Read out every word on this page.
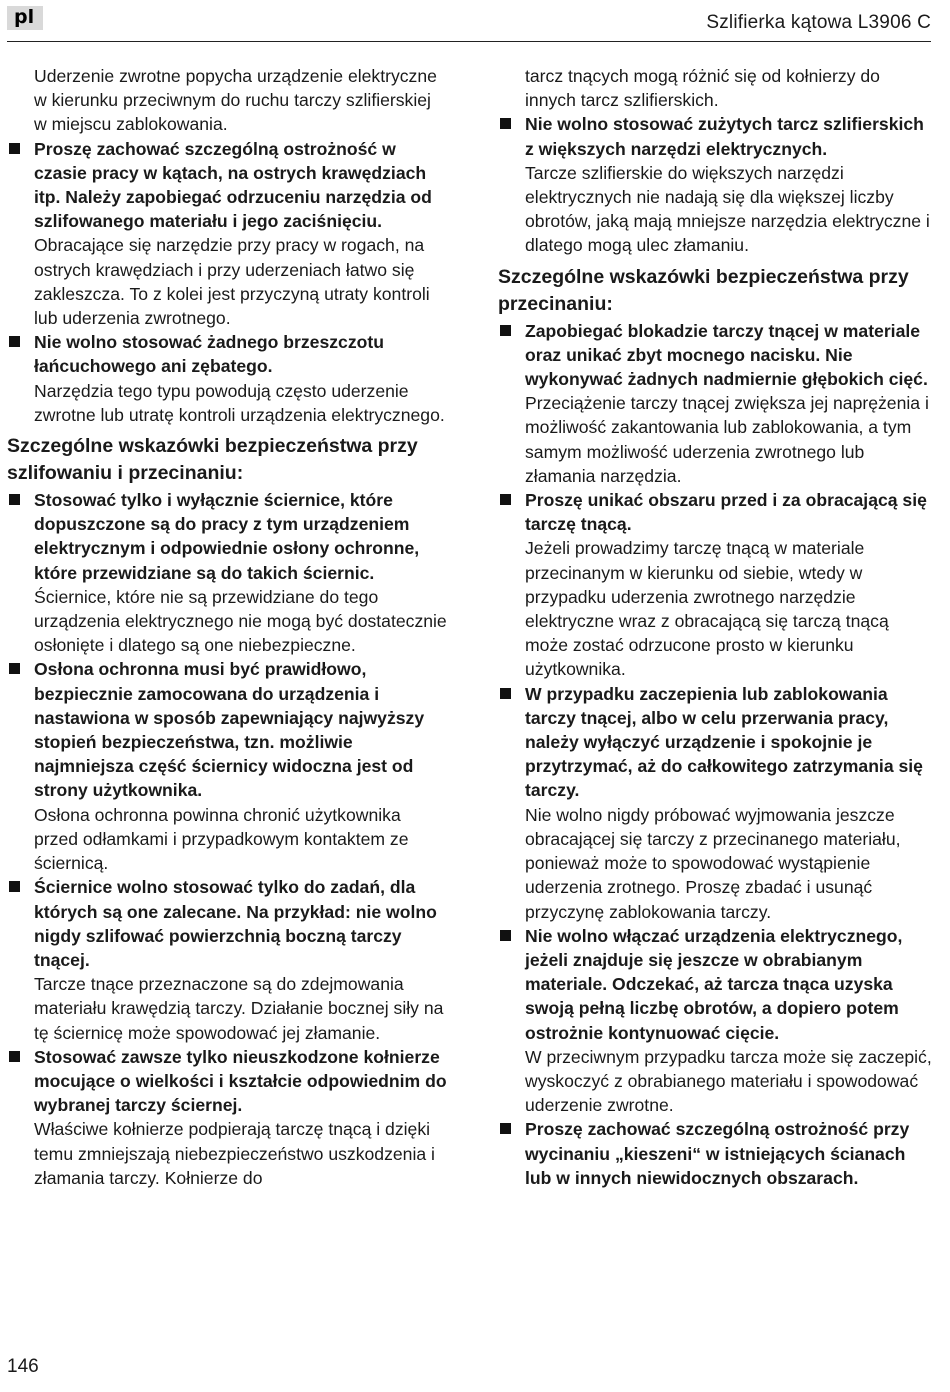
pl	Szlifierka kątowa L3906 C

Uderzenie zwrotne popycha urządzenie elektryczne w kierunku przeciwnym do ruchu tarczy szlifierskiej w miejscu zablokowania.

Proszę zachować szczególną ostrożność w czasie pracy w kątach, na ostrych krawędziach itp. Należy zapobiegać odrzuceniu narzędzia od szlifowanego materiału i jego zaciśnięciu.

Obracające się narzędzie przy pracy w rogach, na ostrych krawędziach i przy uderzeniach łatwo się zakleszcza. To z kolei jest przyczyną utraty kontroli lub uderzenia zwrotnego.

Nie wolno stosować żadnego brzeszczotu łańcuchowego ani zębatego.

Narzędzia tego typu powodują często uderzenie zwrotne lub utratę kontroli urządzenia elektrycznego.

Szczególne wskazówki bezpieczeństwa przy szlifowaniu i przecinaniu:

Stosować tylko i wyłącznie ściernice, które dopuszczone są do pracy z tym urządzeniem elektrycznym i odpowiednie osłony ochronne, które przewidziane są do takich ściernic.

Ściernice, które nie są przewidziane do tego urządzenia elektrycznego nie mogą być dostatecznie osłonięte i dlatego są one niebezpieczne.

Osłona ochronna musi być prawidłowo, bezpiecznie zamocowana do urządzenia i nastawiona w sposób zapewniający najwyższy stopień bezpieczeństwa, tzn. możliwie najmniejsza część ściernicy widoczna jest od strony użytkownika.

Osłona ochronna powinna chronić użytkownika przed odłamkami i przypadkowym kontaktem ze ściernicą.

Ściernice wolno stosować tylko do zadań, dla których są one zalecane. Na przykład: nie wolno nigdy szlifować powierzchnią boczną tarczy tnącej.

Tarcze tnące przeznaczone są do zdejmowania materiału krawędzią tarczy. Działanie bocznej siły na tę ściernicę może spowodować jej złamanie.

Stosować zawsze tylko nieuszkodzone kołnierze mocujące o wielkości i kształcie odpowiednim do wybranej tarczy ściernej.

Właściwe kołnierze podpierają tarczę tnącą i dzięki temu zmniejszają niebezpieczeństwo uszkodzenia i złamania tarczy. Kołnierze do

tarcz tnących mogą różnić się od kołnierzy do innych tarcz szlifierskich.

Nie wolno stosować zużytych tarcz szlifierskich z większych narzędzi elektrycznych.

Tarcze szlifierskie do większych narzędzi elektrycznych nie nadają się dla większej liczby obrotów, jaką mają mniejsze narzędzia elektryczne i dlatego mogą ulec złamaniu.

Szczególne wskazówki bezpieczeństwa przy przecinaniu:

Zapobiegać blokadzie tarczy tnącej w materiale oraz unikać zbyt mocnego nacisku. Nie wykonywać żadnych nadmiernie głębokich cięć.

Przeciążenie tarczy tnącej zwiększa jej naprężenia i możliwość zakantowania lub zablokowania, a tym samym możliwość uderzenia zwrotnego lub złamania narzędzia.

Proszę unikać obszaru przed i za obracającą się tarczę tnącą.

Jeżeli prowadzimy tarczę tnącą w materiale przecinanym w kierunku od siebie, wtedy w przypadku uderzenia zwrotnego narzędzie elektryczne wraz z obracającą się tarczą tnącą może zostać odrzucone prosto w kierunku użytkownika.

W przypadku zaczepienia lub zablokowania tarczy tnącej, albo w celu przerwania pracy, należy wyłączyć urządzenie i spokojnie je przytrzymać, aż do całkowitego zatrzymania się tarczy.

Nie wolno nigdy próbować wyjmowania jeszcze obracającej się tarczy z przecinanego materiału, ponieważ może to spowodować wystąpienie uderzenia zrotnego. Proszę zbadać i usunąć przyczynę zablokowania tarczy.

Nie wolno włączać urządzenia elektrycznego, jeżeli znajduje się jeszcze w obrabianym materiale. Odczekać, aż tarcza tnąca uzyska swoją pełną liczbę obrotów, a dopiero potem ostrożnie kontynuować cięcie.

W przeciwnym przypadku tarcza może się zaczepić, wyskoczyć z obrabianego materiału i spowodować uderzenie zwrotne.

Proszę zachować szczególną ostrożność przy wycinaniu „kieszeni“ w istniejących ścianach lub w innych niewidocznych obszarach.

146
